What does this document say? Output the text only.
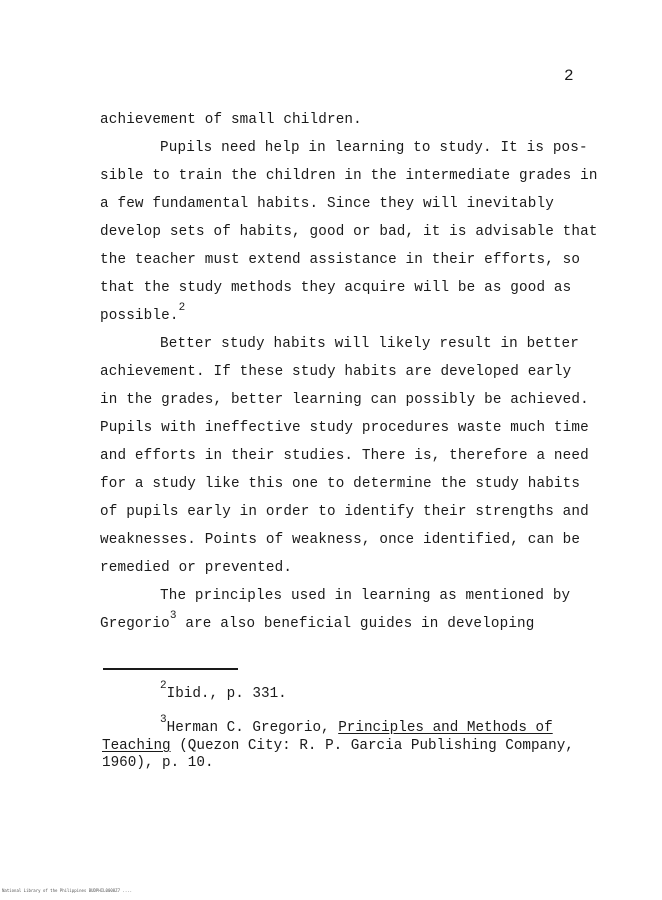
2

achievement of small children.

Pupils need help in learning to study. It is pos-

sible to train the children in the intermediate grades in

a few fundamental habits. Since they will inevitably

develop sets of habits, good or bad, it is advisable that

the teacher must extend assistance in their efforts, so

that the study methods they acquire will be as good as

possible.$^2$

Better study habits will likely result in better

achievement. If these study habits are developed early

in the grades, better learning can possibly be achieved.

Pupils with ineffective study procedures waste much time

and efforts in their studies. There is, therefore a need

for a study like this one to determine the study habits

of pupils early in order to identify their strengths and

weaknesses. Points of weakness, once identified, can be

remedied or prevented.

The principles used in learning as mentioned by

Gregorio$^3$ are also beneficial guides in developing

$^2$Ibid., p. 331.

$^3$Herman C. Gregorio, Principles and Methods of

Teaching (Quezon City: R. P. Garcia Publishing Company,

1960), p. 10.

National Library of the Philippines BUDPHIL0008Z7 ....
